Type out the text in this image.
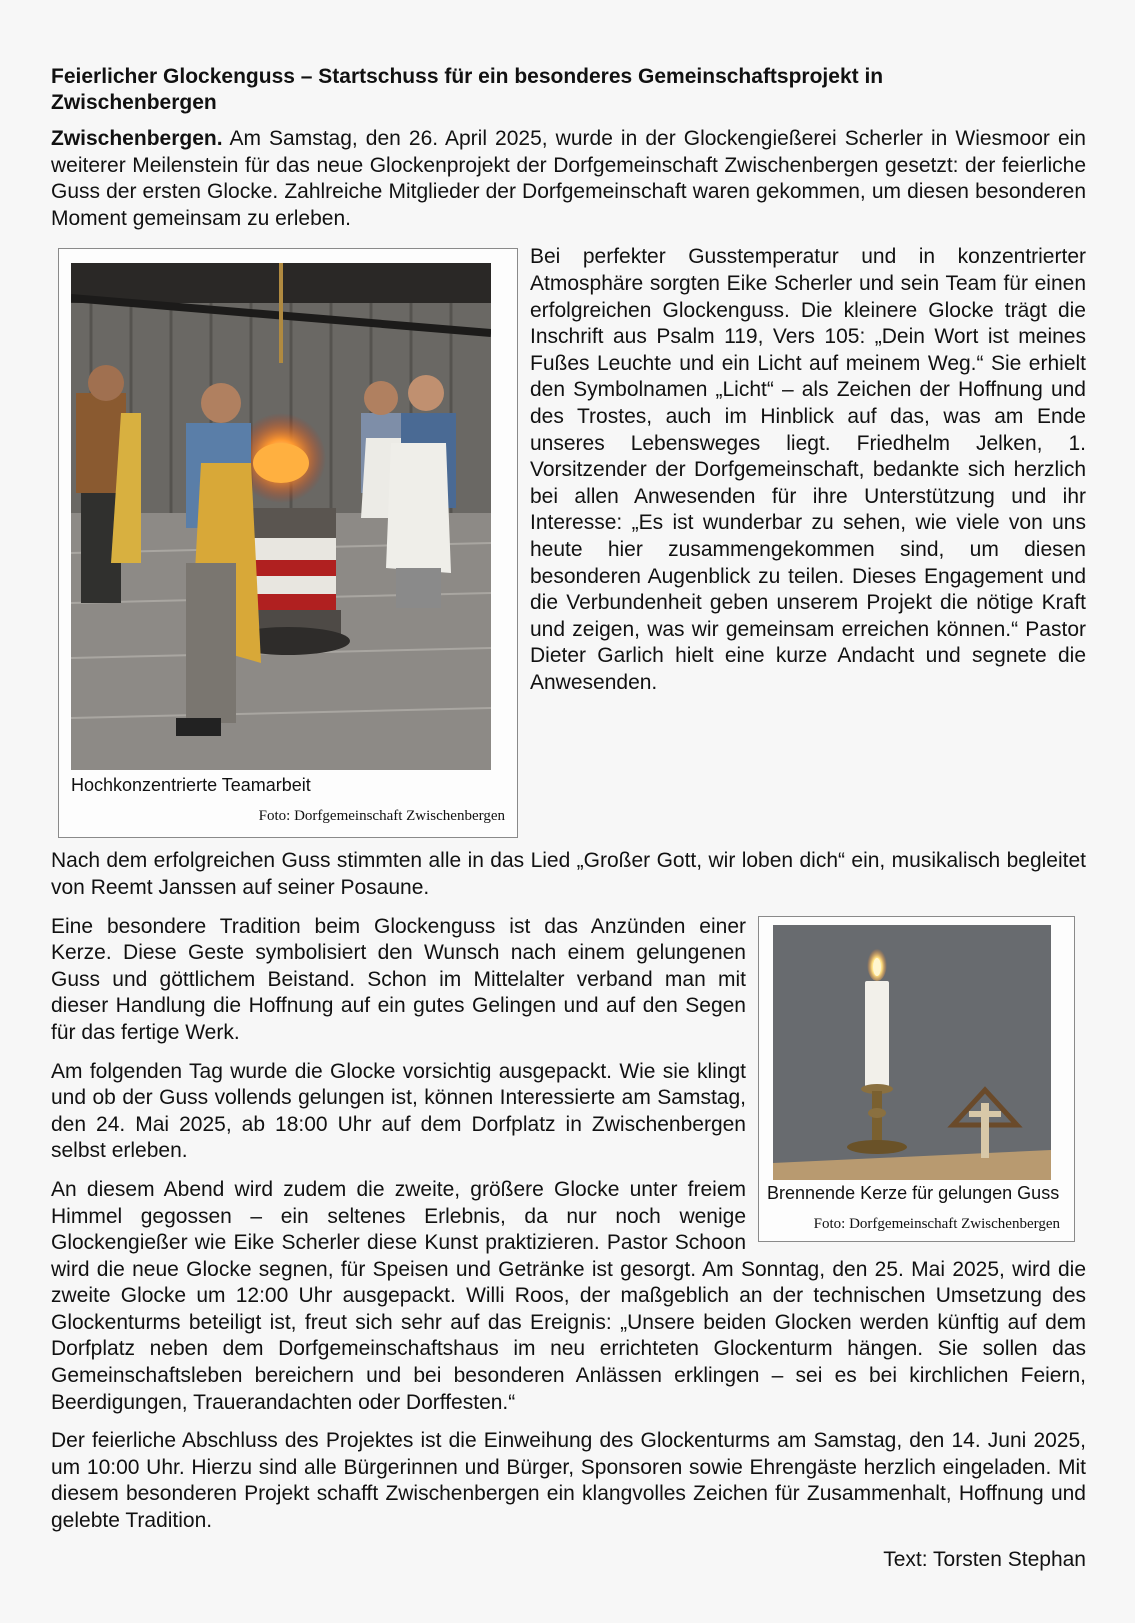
Feierlicher Glockenguss – Startschuss für ein besonderes Gemeinschaftsprojekt in Zwischenbergen

Zwischenbergen. Am Samstag, den 26. April 2025, wurde in der Glockengießerei Scherler in Wiesmoor ein weiterer Meilenstein für das neue Glockenprojekt der Dorfgemeinschaft Zwischenbergen gesetzt: der feierliche Guss der ersten Glocke. Zahlreiche Mitglieder der Dorfgemeinschaft waren gekommen, um diesen besonderen Moment gemeinsam zu erleben.

Hochkonzentrierte Teamarbeit
Foto: Dorfgemeinschaft Zwischenbergen

Bei perfekter Gusstemperatur und in konzentrierter Atmosphäre sorgten Eike Scherler und sein Team für einen erfolgreichen Glockenguss. Die kleinere Glocke trägt die Inschrift aus Psalm 119, Vers 105: „Dein Wort ist meines Fußes Leuchte und ein Licht auf meinem Weg.“ Sie erhielt den Symbolnamen „Licht“ – als Zeichen der Hoffnung und des Trostes, auch im Hinblick auf das, was am Ende unseres Lebensweges liegt. Friedhelm Jelken, 1. Vorsitzender der Dorfgemeinschaft, bedankte sich herzlich bei allen Anwesenden für ihre Unterstützung und ihr Interesse: „Es ist wunderbar zu sehen, wie viele von uns heute hier zusammengekommen sind, um diesen besonderen Augenblick zu teilen. Dieses Engagement und die Verbundenheit geben unserem Projekt die nötige Kraft und zeigen, was wir gemeinsam erreichen können.“ Pastor Dieter Garlich hielt eine kurze Andacht und segnete die Anwesenden.

Nach dem erfolgreichen Guss stimmten alle in das Lied „Großer Gott, wir loben dich“ ein, musikalisch begleitet von Reemt Janssen auf seiner Posaune.

Brennende Kerze für gelungen Guss
Foto: Dorfgemeinschaft Zwischenbergen

Eine besondere Tradition beim Glockenguss ist das Anzünden einer Kerze. Diese Geste symbolisiert den Wunsch nach einem gelungenen Guss und göttlichem Beistand. Schon im Mittelalter verband man mit dieser Handlung die Hoffnung auf ein gutes Gelingen und auf den Segen für das fertige Werk.

Am folgenden Tag wurde die Glocke vorsichtig ausgepackt. Wie sie klingt und ob der Guss vollends gelungen ist, können Interessierte am Samstag, den 24. Mai 2025, ab 18:00 Uhr auf dem Dorfplatz in Zwischenbergen selbst erleben.

An diesem Abend wird zudem die zweite, größere Glocke unter freiem Himmel gegossen – ein seltenes Erlebnis, da nur noch wenige Glockengießer wie Eike Scherler diese Kunst praktizieren. Pastor Schoon wird die neue Glocke segnen, für Speisen und Getränke ist gesorgt. Am Sonntag, den 25. Mai 2025, wird die zweite Glocke um 12:00 Uhr ausgepackt. Willi Roos, der maßgeblich an der technischen Umsetzung des Glockenturms beteiligt ist, freut sich sehr auf das Ereignis: „Unsere beiden Glocken werden künftig auf dem Dorfplatz neben dem Dorfgemeinschaftshaus im neu errichteten Glockenturm hängen. Sie sollen das Gemeinschaftsleben bereichern und bei besonderen Anlässen erklingen – sei es bei kirchlichen Feiern, Beerdigungen, Trauerandachten oder Dorffesten.“

Der feierliche Abschluss des Projektes ist die Einweihung des Glockenturms am Samstag, den 14. Juni 2025, um 10:00 Uhr. Hierzu sind alle Bürgerinnen und Bürger, Sponsoren sowie Ehrengäste herzlich eingeladen. Mit diesem besonderen Projekt schafft Zwischenbergen ein klangvolles Zeichen für Zusammenhalt, Hoffnung und gelebte Tradition.

Text: Torsten Stephan
